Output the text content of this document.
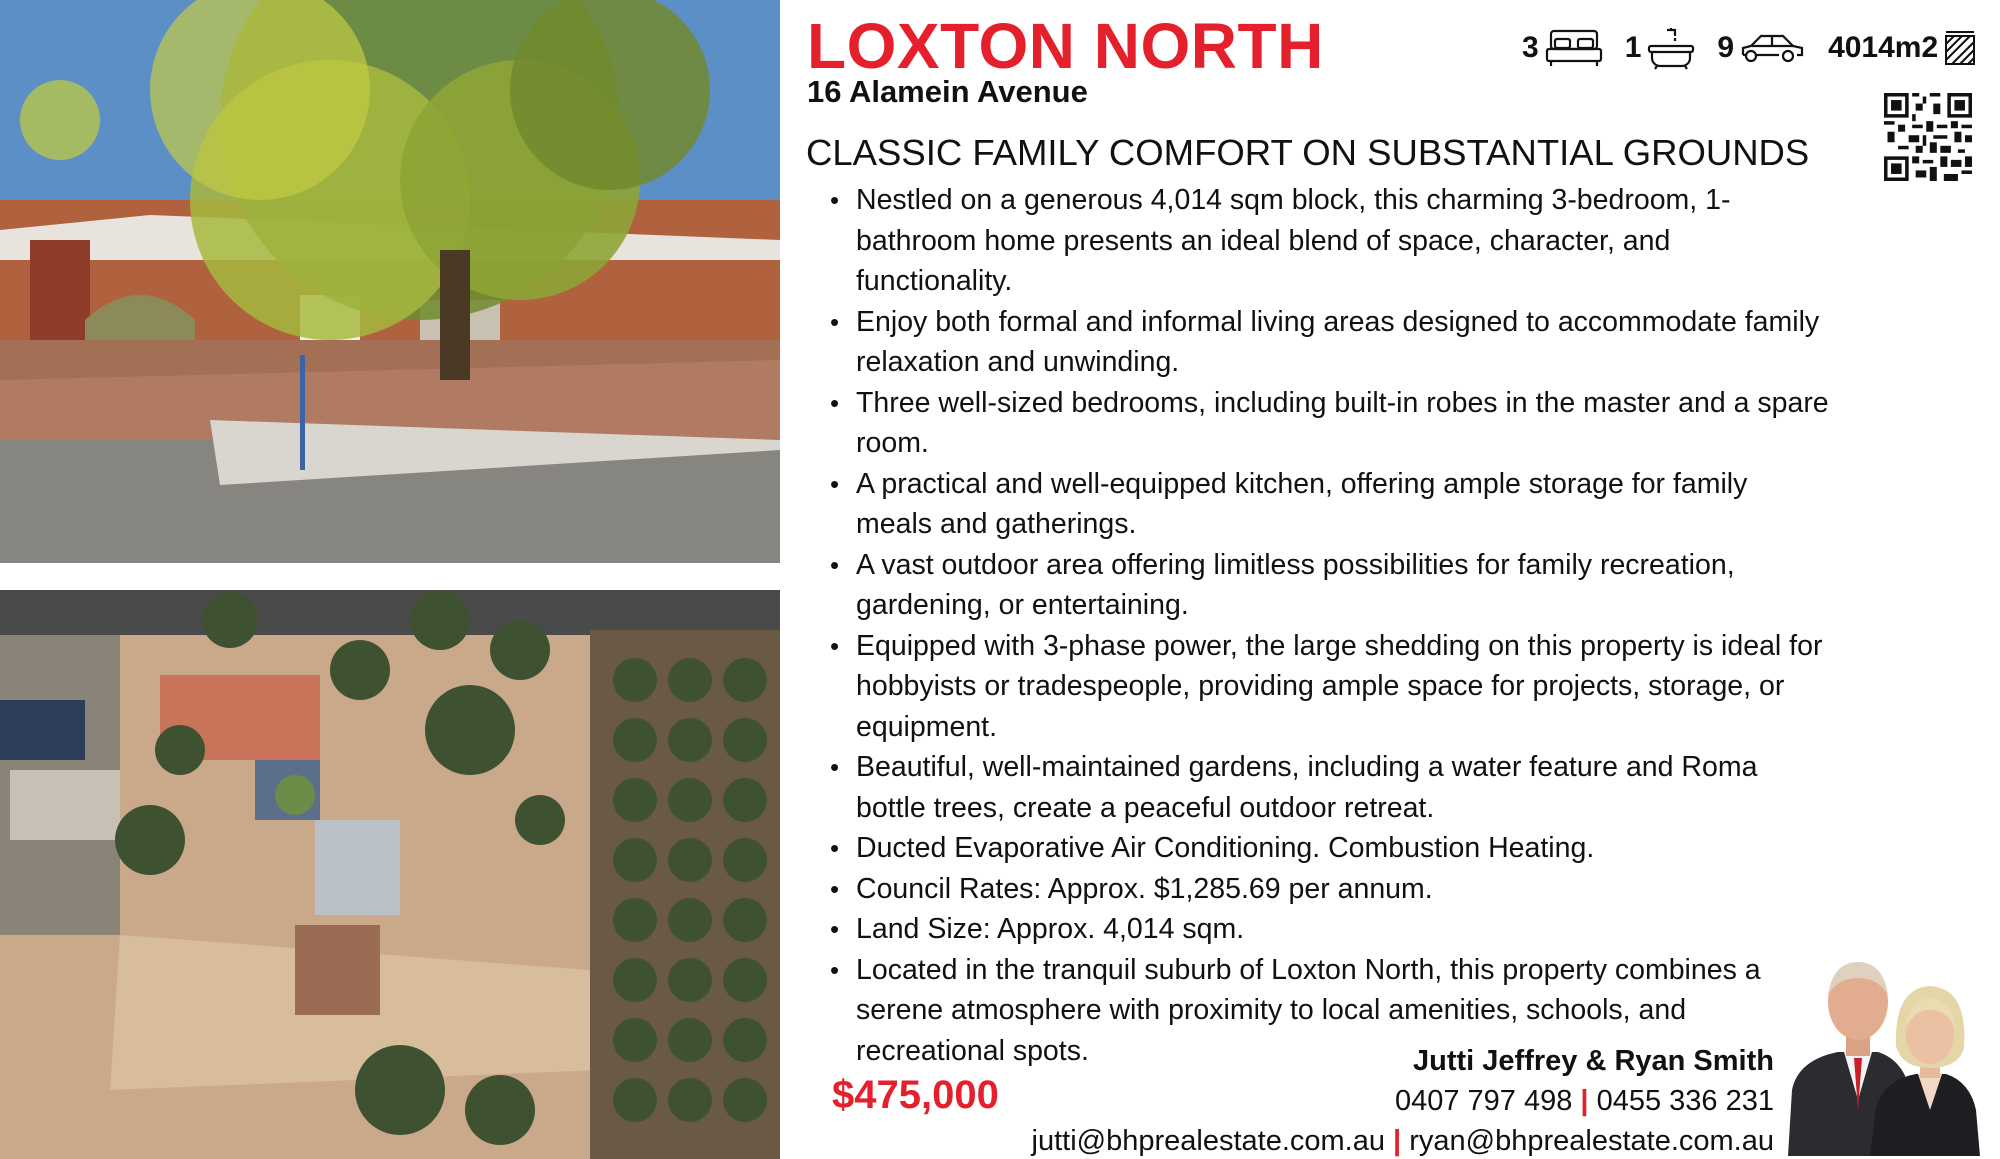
LOXTON NORTH
16 Alamein Avenue
3	1	9	4014m2
CLASSIC FAMILY COMFORT ON SUBSTANTIAL GROUNDS
• Nestled on a generous 4,014 sqm block, this charming 3-bedroom, 1-bathroom home presents an ideal blend of space, character, and functionality.
• Enjoy both formal and informal living areas designed to accommodate family relaxation and unwinding.
• Three well-sized bedrooms, including built-in robes in the master and a spare room.
• A practical and well-equipped kitchen, offering ample storage for family meals and gatherings.
• A vast outdoor area offering limitless possibilities for family recreation, gardening, or entertaining.
• Equipped with 3-phase power, the large shedding on this property is ideal for hobbyists or tradespeople, providing ample space for projects, storage, or equipment.
• Beautiful, well-maintained gardens, including a water feature and Roma bottle trees, create a peaceful outdoor retreat.
• Ducted Evaporative Air Conditioning. Combustion Heating.
• Council Rates: Approx. $1,285.69 per annum.
• Land Size: Approx. 4,014 sqm.
• Located in the tranquil suburb of Loxton North, this property combines a serene atmosphere with proximity to local amenities, schools, and recreational spots.
$475,000
Jutti Jeffrey & Ryan Smith
0407 797 498 | 0455 336 231
jutti@bhprealestate.com.au | ryan@bhprealestate.com.au
